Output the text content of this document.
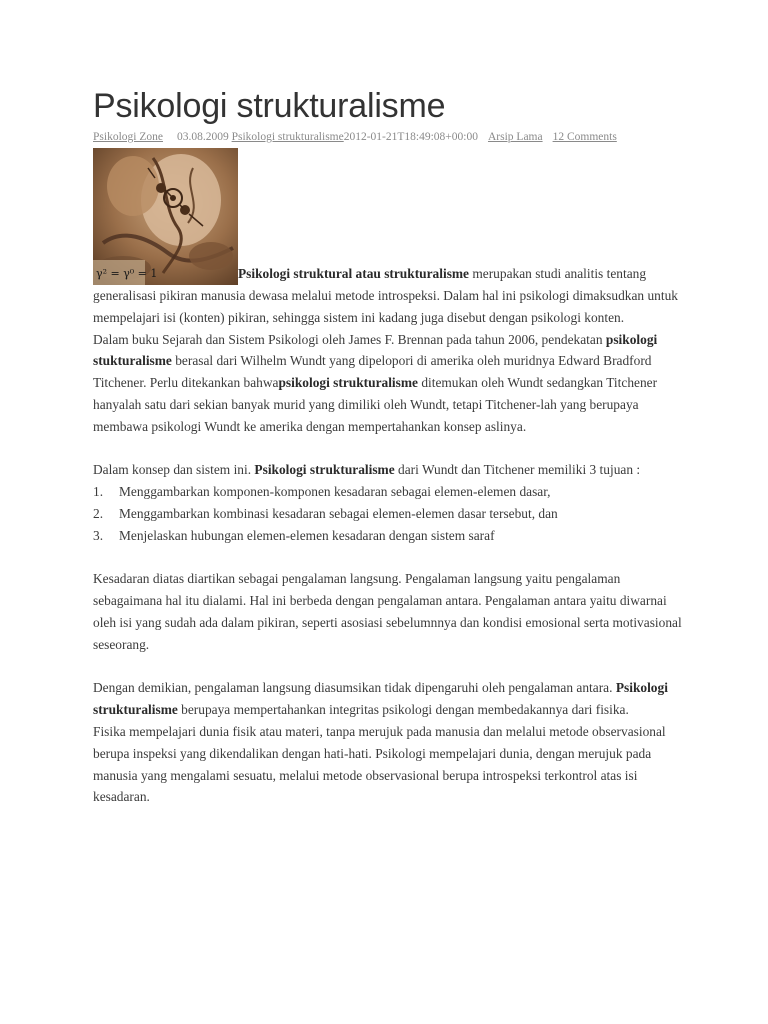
Psikologi strukturalisme
Psikologi Zone 03.08.2009 Psikologi strukturalisme2012-01-21T18:49:08+00:00 Arsip Lama 12 Comments

γ² = γ⁰ = 1	Psikologi struktural atau strukturalisme merupakan studi analitis tentang generalisasi pikiran manusia dewasa melalui metode introspeksi. Dalam hal ini psikologi dimaksudkan untuk mempelajari isi (konten) pikiran, sehingga sistem ini kadang juga disebut dengan psikologi konten.

Dalam buku Sejarah dan Sistem Psikologi oleh James F. Brennan pada tahun 2006, pendekatan psikologi stukturalisme berasal dari Wilhelm Wundt yang dipelopori di amerika oleh muridnya Edward Bradford Titchener. Perlu ditekankan bahwapsikologi strukturalisme ditemukan oleh Wundt sedangkan Titchener hanyalah satu dari sekian banyak murid yang dimiliki oleh Wundt, tetapi Titchener-lah yang berupaya membawa psikologi Wundt ke amerika dengan mempertahankan konsep aslinya.

Dalam konsep dan sistem ini. Psikologi strukturalisme dari Wundt dan Titchener memiliki 3 tujuan :

1.	Menggambarkan komponen-komponen kesadaran sebagai elemen-elemen dasar,
2.	Menggambarkan kombinasi kesadaran sebagai elemen-elemen dasar tersebut, dan
3.	Menjelaskan hubungan elemen-elemen kesadaran dengan sistem saraf

Kesadaran diatas diartikan sebagai pengalaman langsung. Pengalaman langsung yaitu pengalaman sebagaimana hal itu dialami. Hal ini berbeda dengan pengalaman antara. Pengalaman antara yaitu diwarnai oleh isi yang sudah ada dalam pikiran, seperti asosiasi sebelumnnya dan kondisi emosional serta motivasional seseorang.

Dengan demikian, pengalaman langsung diasumsikan tidak dipengaruhi oleh pengalaman antara. Psikologi strukturalisme berupaya mempertahankan integritas psikologi dengan membedakannya dari fisika.

Fisika mempelajari dunia fisik atau materi, tanpa merujuk pada manusia dan melalui metode observasional berupa inspeksi yang dikendalikan dengan hati-hati. Psikologi mempelajari dunia, dengan merujuk pada manusia yang mengalami sesuatu, melalui metode observasional berupa introspeksi terkontrol atas isi kesadaran.
